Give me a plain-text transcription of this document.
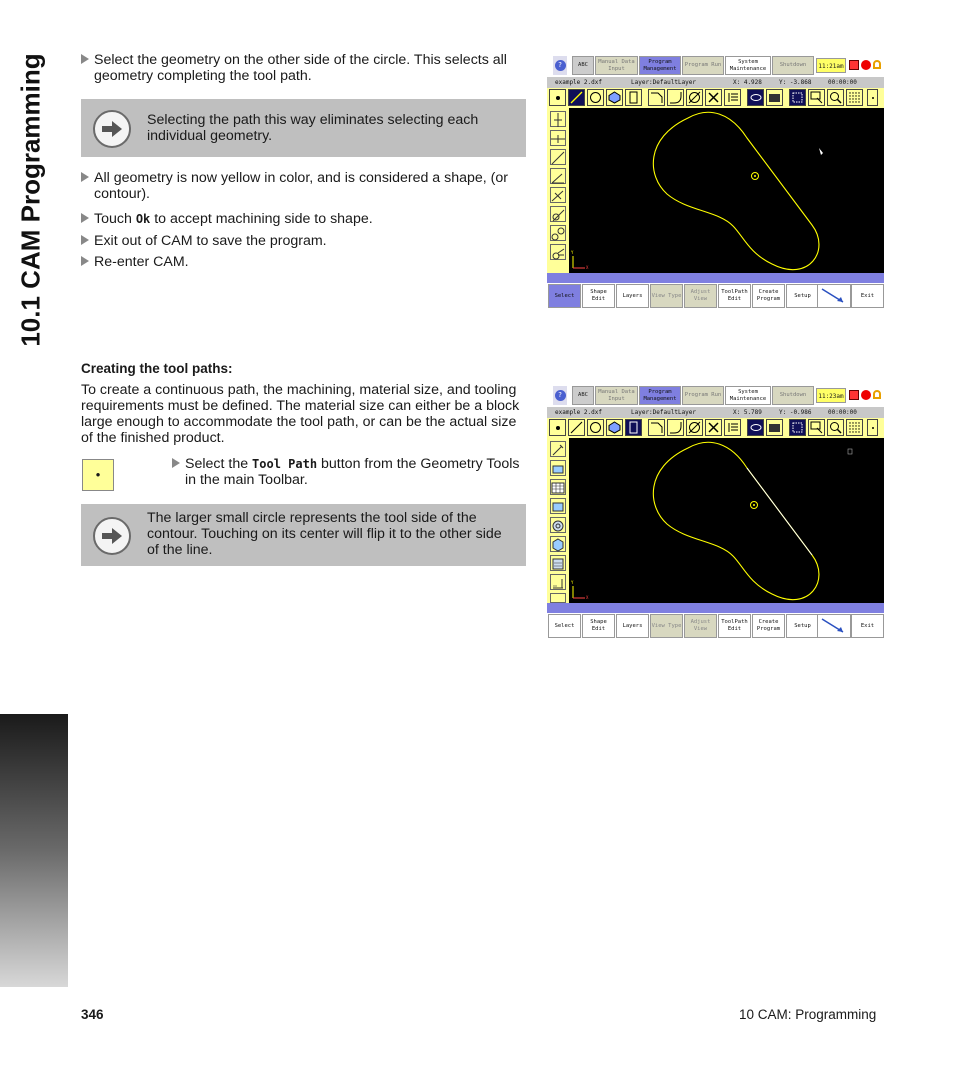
10.1 CAM Programming	Select the geometry on the other side of the circle. This selects all geometry completing the tool path.
Selecting the path this way eliminates selecting each individual geometry.
All geometry is now yellow in color, and is considered a shape, (or contour).
Touch Ok to accept machining side to shape.
Exit out of CAM to save the program.
Re-enter CAM.
Creating the tool paths:
To create a continuous path, the machining, material size, and tooling requirements must be defined. The material size can either be a block large enough to accommodate the tool path, or can be the actual size of the finished product.
•
Select the Tool Path button from the Geometry Tools in the main Toolbar.
The larger small circle represents the tool side of the contour. Touching on its center will flip it to the other side of the line.
?	ABC
Manual Data Input
Program Management
Program Run
System Maintenance
Shutdown	11:21am
example 2.dxf	Layer:DefaultLayer	X: 4.928	Y: -3.868	00:00:00
Y
X
Select
Shape Edit
Layers	View Type
Adjust View
ToolPath Edit
Create Program
Setup	Exit
?	ABC
Manual Data Input
Program Management
Program Run
System Maintenance
Shutdown	11:23am
example 2.dxf	Layer:DefaultLayer	X: 5.789	Y: -0.986	00:00:00
Y
X
Select
Shape Edit
Layers	View Type
Adjust View
ToolPath Edit
Create Program
Setup	Exit
346	10 CAM: Programming
